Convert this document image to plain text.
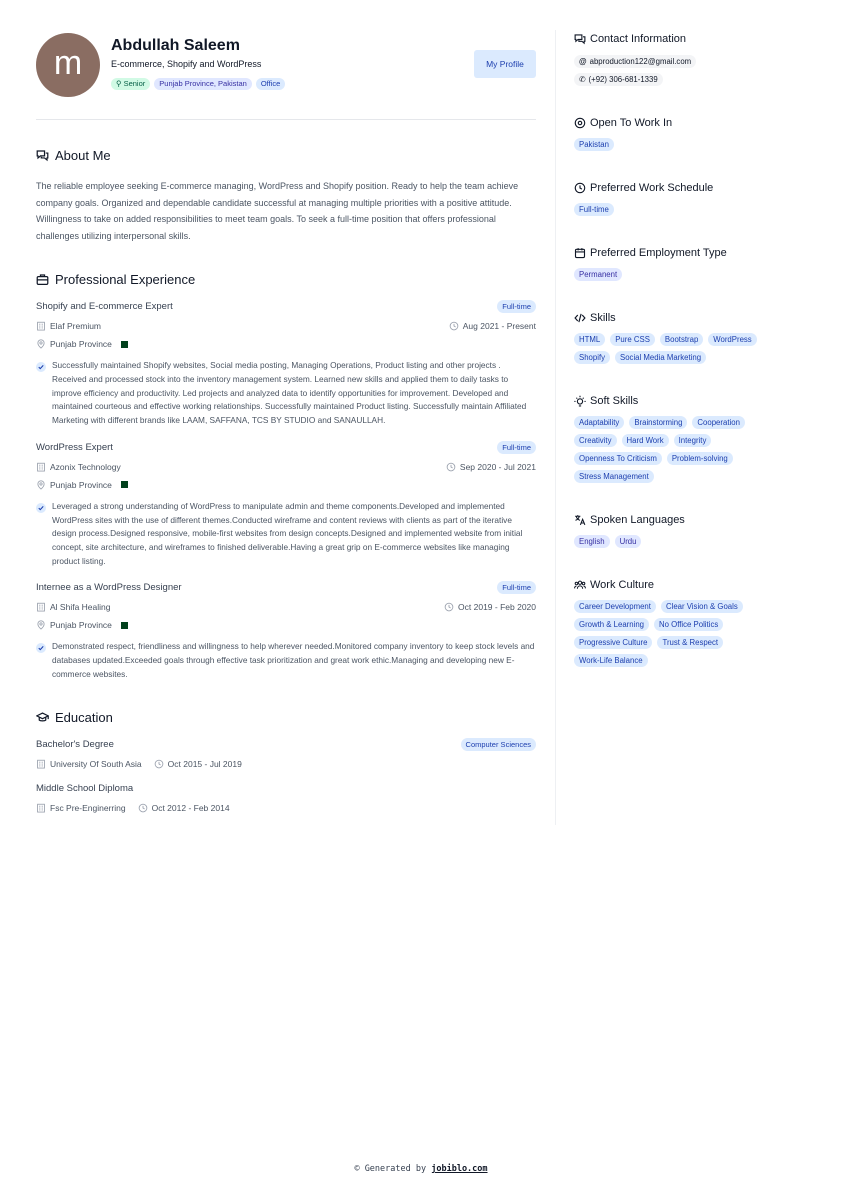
m	Abdullah Saleem
E-commerce, Shopify and WordPress
⚲ Senior	Punjab Province, Pakistan	Office
My Profile
About Me

The reliable employee seeking E-commerce managing, WordPress and Shopify position. Ready to help the team achieve company goals. Organized and dependable candidate successful at managing multiple priorities with a positive attitude. Willingness to take on added responsibilities to meet team goals. To seek a full-time position that offers professional challenges utilizing interpersonal skills.

Professional Experience
Shopify and E-commerce Expert	Full-time
Elaf Premium	Aug 2021 - Present
Punjab Province

Successfully maintained Shopify websites, Social media posting, Managing Operations, Product listing and other projects . Received and processed stock into the inventory management system. Learned new skills and applied them to daily tasks to improve efficiency and productivity. Led projects and analyzed data to identify opportunities for improvement. Developed and maintained courteous and effective working relationships. Successfully maintained Product listing. Successfully maintain Affiliated Marketing with different brands like LAAM, SAFFANA, TCS BY STUDIO and SANAULLAH.

WordPress Expert	Full-time
Azonix Technology	Sep 2020 - Jul 2021
Punjab Province

Leveraged a strong understanding of WordPress to manipulate admin and theme components.Developed and implemented WordPress sites with the use of different themes.Conducted wireframe and content reviews with clients as part of the iterative design process.Designed responsive, mobile-first websites from design concepts.Designed and implemented website from initial concept, site architecture, and wireframes to finished deliverable.Having a great grip on E-commerce websites like managing product listing.

Internee as a WordPress Designer	Full-time
Al Shifa Healing	Oct 2019 - Feb 2020
Punjab Province

Demonstrated respect, friendliness and willingness to help wherever needed.Monitored company inventory to keep stock levels and databases updated.Exceeded goals through effective task prioritization and great work ethic.Managing and developing new E-commerce websites.

Education
Bachelor's Degree	Computer Sciences
University Of South Asia	Oct 2015 - Jul 2019
Middle School Diploma
Fsc Pre-Enginerring	Oct 2012 - Feb 2014
Contact Information
@ abproduction122@gmail.com
✆ (+92) 306-681-1339
Open To Work In
Pakistan
Preferred Work Schedule
Full-time
Preferred Employment Type
Permanent
Skills
HTML	Pure CSS	Bootstrap	WordPress
Shopify	Social Media Marketing
Soft Skills
Adaptability	Brainstorming	Cooperation
Creativity	Hard Work	Integrity
Openness To Criticism	Problem-solving
Stress Management
Spoken Languages
English	Urdu
Work Culture
Career Development	Clear Vision & Goals
Growth & Learning	No Office Politics
Progressive Culture	Trust & Respect
Work-Life Balance
© Generated by jobiblo.com
